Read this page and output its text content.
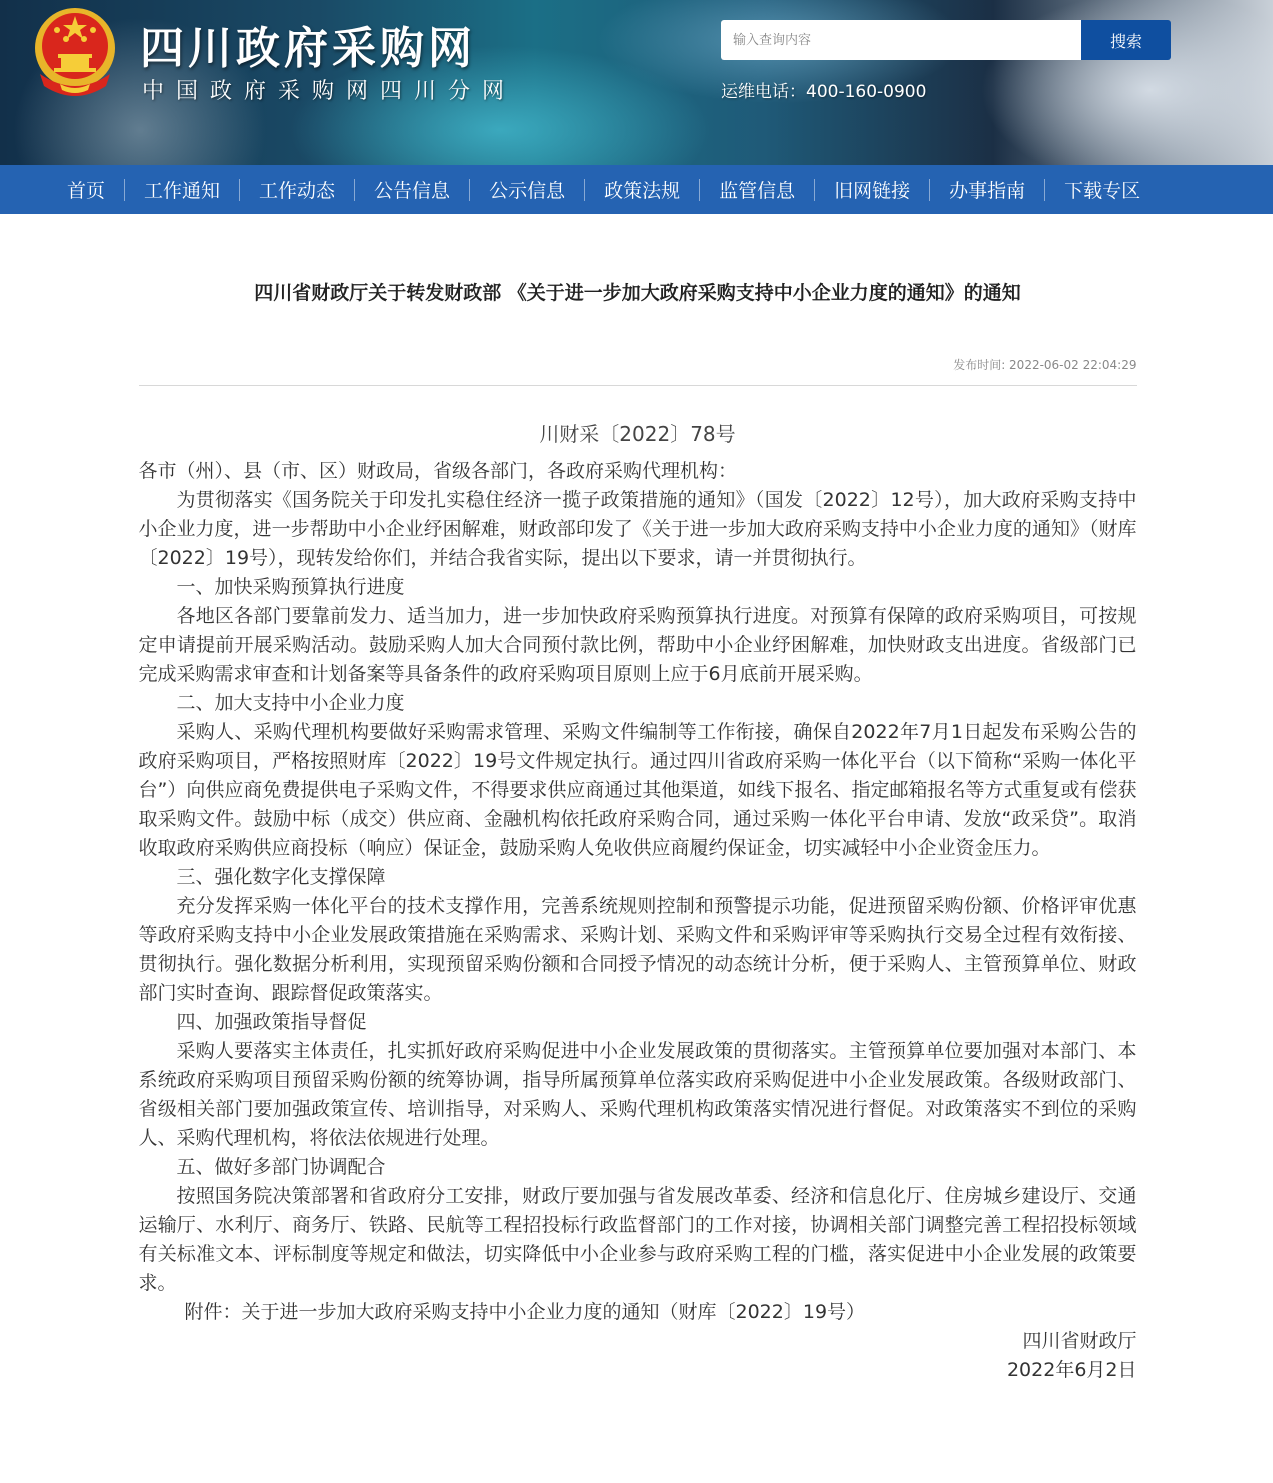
四川政府采购网
中国政府采购网四川分网
输入查询内容
搜索
运维电话：400-160-0900
首页	工作通知	工作动态	公告信息	公示信息	政策法规	监管信息	旧网链接	办事指南	下载专区
四川省财政厅关于转发财政部 《关于进一步加大政府采购支持中小企业力度的通知》的通知
发布时间: 2022-06-02 22:04:29
川财采〔2022〕78号

各市（州）、县（市、区）财政局，省级各部门，各政府采购代理机构：

为贯彻落实《国务院关于印发扎实稳住经济一揽子政策措施的通知》（国发〔2022〕12号），加大政府采购支持中小企业力度，进一步帮助中小企业纾困解难，财政部印发了《关于进一步加大政府采购支持中小企业力度的通知》（财库〔2022〕19号），现转发给你们，并结合我省实际，提出以下要求，请一并贯彻执行。

一、加快采购预算执行进度

各地区各部门要靠前发力、适当加力，进一步加快政府采购预算执行进度。对预算有保障的政府采购项目，可按规定申请提前开展采购活动。鼓励采购人加大合同预付款比例，帮助中小企业纾困解难，加快财政支出进度。省级部门已完成采购需求审查和计划备案等具备条件的政府采购项目原则上应于6月底前开展采购。

二、加大支持中小企业力度

采购人、采购代理机构要做好采购需求管理、采购文件编制等工作衔接，确保自2022年7月1日起发布采购公告的政府采购项目，严格按照财库〔2022〕19号文件规定执行。通过四川省政府采购一体化平台（以下简称“采购一体化平台”）向供应商免费提供电子采购文件，不得要求供应商通过其他渠道，如线下报名、指定邮箱报名等方式重复或有偿获取采购文件。鼓励中标（成交）供应商、金融机构依托政府采购合同，通过采购一体化平台申请、发放“政采贷”。取消收取政府采购供应商投标（响应）保证金，鼓励采购人免收供应商履约保证金，切实减轻中小企业资金压力。

三、强化数字化支撑保障

充分发挥采购一体化平台的技术支撑作用，完善系统规则控制和预警提示功能，促进预留采购份额、价格评审优惠等政府采购支持中小企业发展政策措施在采购需求、采购计划、采购文件和采购评审等采购执行交易全过程有效衔接、贯彻执行。强化数据分析利用，实现预留采购份额和合同授予情况的动态统计分析，便于采购人、主管预算单位、财政部门实时查询、跟踪督促政策落实。

四、加强政策指导督促

采购人要落实主体责任，扎实抓好政府采购促进中小企业发展政策的贯彻落实。主管预算单位要加强对本部门、本系统政府采购项目预留采购份额的统筹协调，指导所属预算单位落实政府采购促进中小企业发展政策。各级财政部门、省级相关部门要加强政策宣传、培训指导，对采购人、采购代理机构政策落实情况进行督促。对政策落实不到位的采购人、采购代理机构，将依法依规进行处理。

五、做好多部门协调配合

按照国务院决策部署和省政府分工安排，财政厅要加强与省发展改革委、经济和信息化厅、住房城乡建设厅、交通运输厅、水利厅、商务厅、铁路、民航等工程招投标行政监督部门的工作对接，协调相关部门调整完善工程招投标领域有关标准文本、评标制度等规定和做法，切实降低中小企业参与政府采购工程的门槛，落实促进中小企业发展的政策要求。

附件：关于进一步加大政府采购支持中小企业力度的通知（财库〔2022〕19号）

四川省财政厅

2022年6月2日
